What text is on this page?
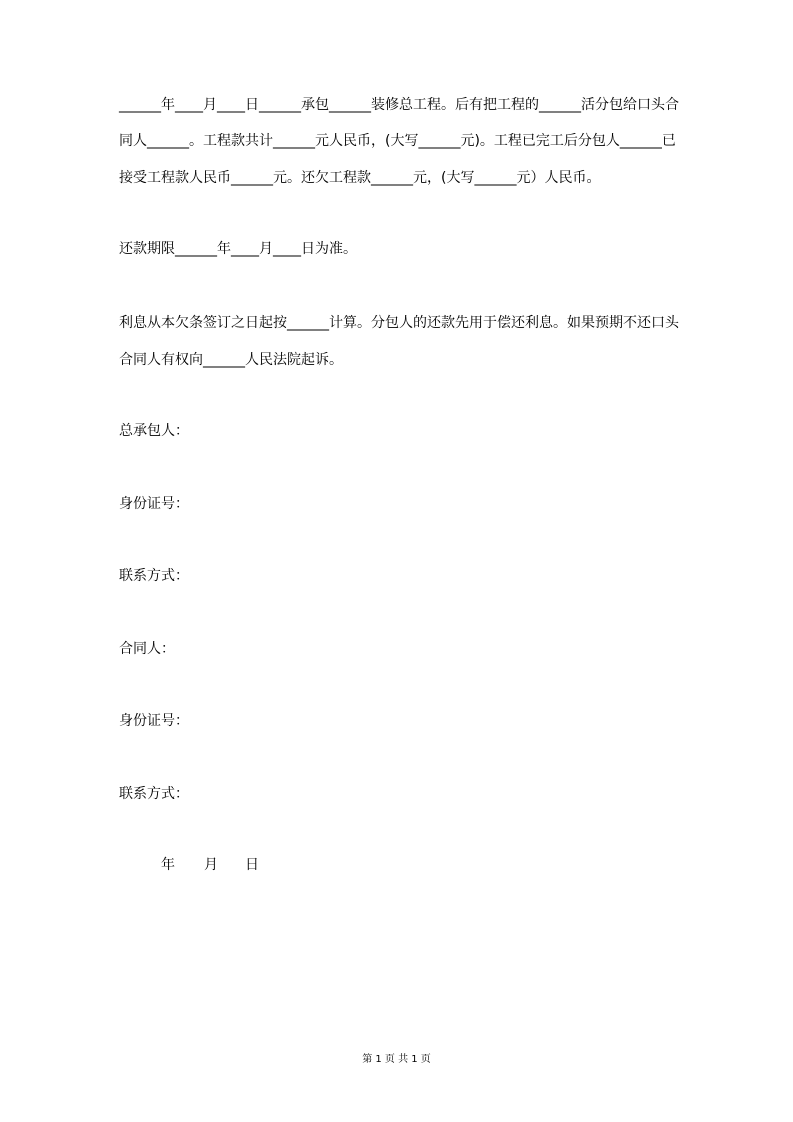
______年____月____日______承包______装修总工程。后有把工程的______活分包给口头合
同人______。工程款共计______元人民币，(大写______元)。工程已完工后分包人______已
接受工程款人民币______元。还欠工程款______元，(大写______元）人民币。
还款期限______年____月____日为准。
利息从本欠条签订之日起按______计算。分包人的还款先用于偿还利息。如果预期不还口头
合同人有权向______人民法院起诉。
总承包人：
身份证号：
联系方式：
合同人：
身份证号：
联系方式：
年 月 日
第 1 页 共 1 页
